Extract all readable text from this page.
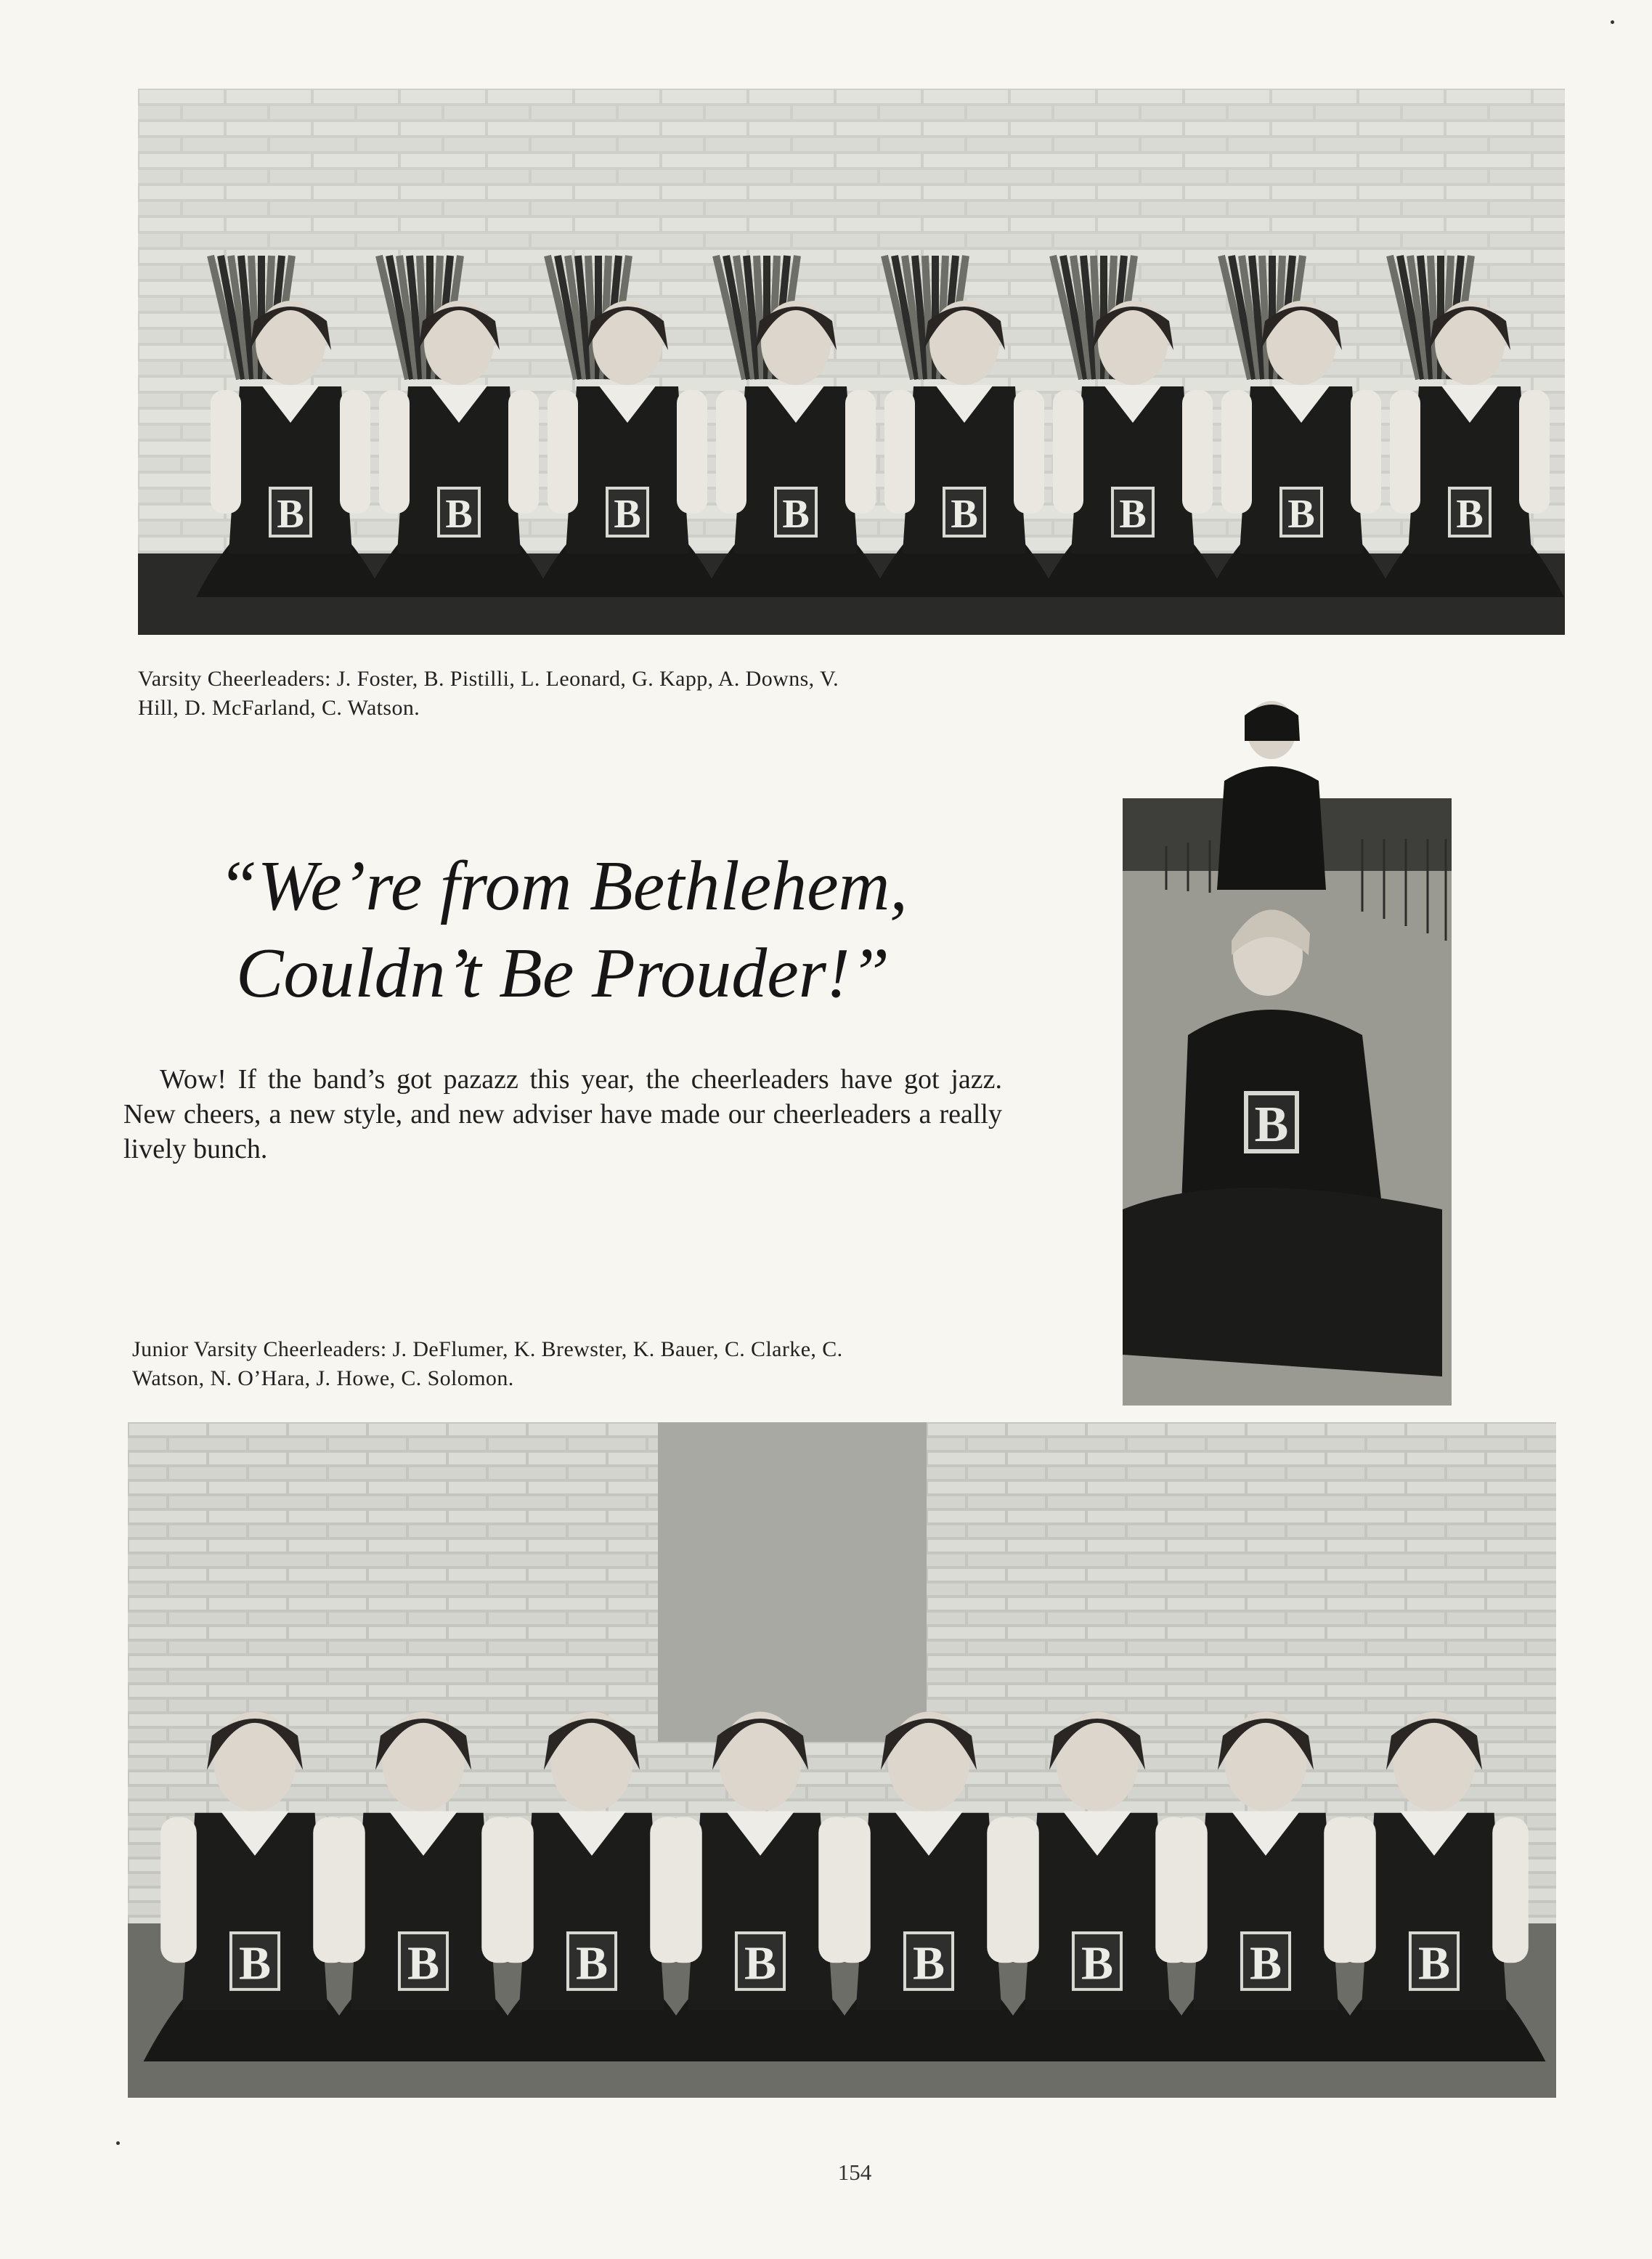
B	B	B	B	B	B	B	B
Varsity Cheerleaders: J. Foster, B. Pistilli, L. Leonard, G. Kapp, A. Downs, V.
Hill, D. McFarland, C. Watson.
“We’re from Bethlehem,
Couldn’t Be Prouder!”
Wow! If the band’s got pazazz this year, the cheerleaders have got jazz. New cheers, a new style, and new adviser have made our cheerleaders a really lively bunch.	B
Junior Varsity Cheerleaders: J. DeFlumer, K. Brewster, K. Bauer, C. Clarke, C.
Watson, N. O’Hara, J. Howe, C. Solomon.
B	B	B	B	B	B	B	B
154
